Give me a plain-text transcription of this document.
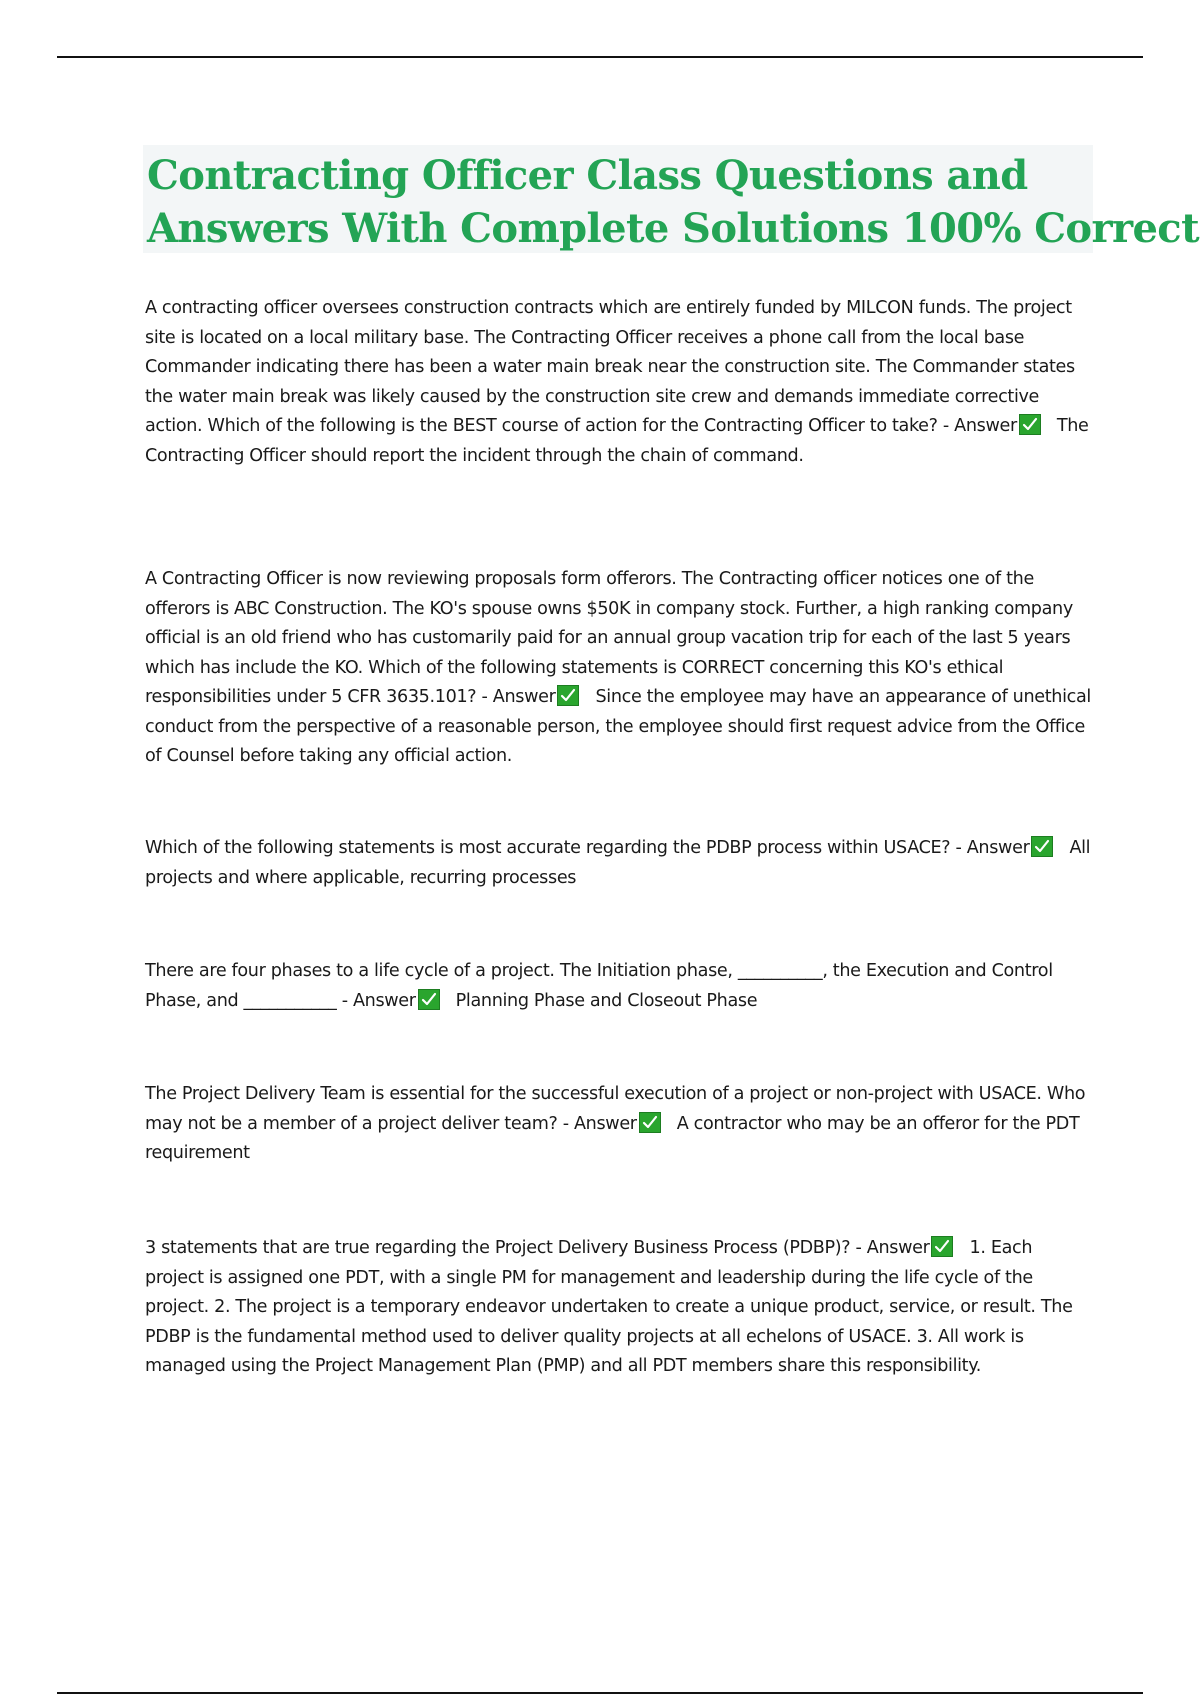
Contracting Officer Class Questions and
Answers With Complete Solutions 100% Correct

A contracting officer oversees construction contracts which are entirely funded by MILCON funds. The project site is located on a local military base. The Contracting Officer receives a phone call from the local base Commander indicating there has been a water main break near the construction site. The Commander states the water main break was likely caused by the construction site crew and demands immediate corrective action. Which of the following is the BEST course of action for the Contracting Officer to take? - Answer The Contracting Officer should report the incident through the chain of command.

A Contracting Officer is now reviewing proposals form offerors. The Contracting officer notices one of the offerors is ABC Construction. The KO's spouse owns $50K in company stock. Further, a high ranking company official is an old friend who has customarily paid for an annual group vacation trip for each of the last 5 years which has include the KO. Which of the following statements is CORRECT concerning this KO's ethical responsibilities under 5 CFR 3635.101? - Answer Since the employee may have an appearance of unethical conduct from the perspective of a reasonable person, the employee should first request advice from the Office of Counsel before taking any official action.

Which of the following statements is most accurate regarding the PDBP process within USACE? - Answer All projects and where applicable, recurring processes

There are four phases to a life cycle of a project. The Initiation phase, __________, the Execution and Control Phase, and ___________ - Answer Planning Phase and Closeout Phase

The Project Delivery Team is essential for the successful execution of a project or non-project with USACE. Who may not be a member of a project deliver team? - Answer A contractor who may be an offeror for the PDT requirement

3 statements that are true regarding the Project Delivery Business Process (PDBP)? - Answer 1. Each project is assigned one PDT, with a single PM for management and leadership during the life cycle of the project. 2. The project is a temporary endeavor undertaken to create a unique product, service, or result. The PDBP is the fundamental method used to deliver quality projects at all echelons of USACE. 3. All work is managed using the Project Management Plan (PMP) and all PDT members share this responsibility.
